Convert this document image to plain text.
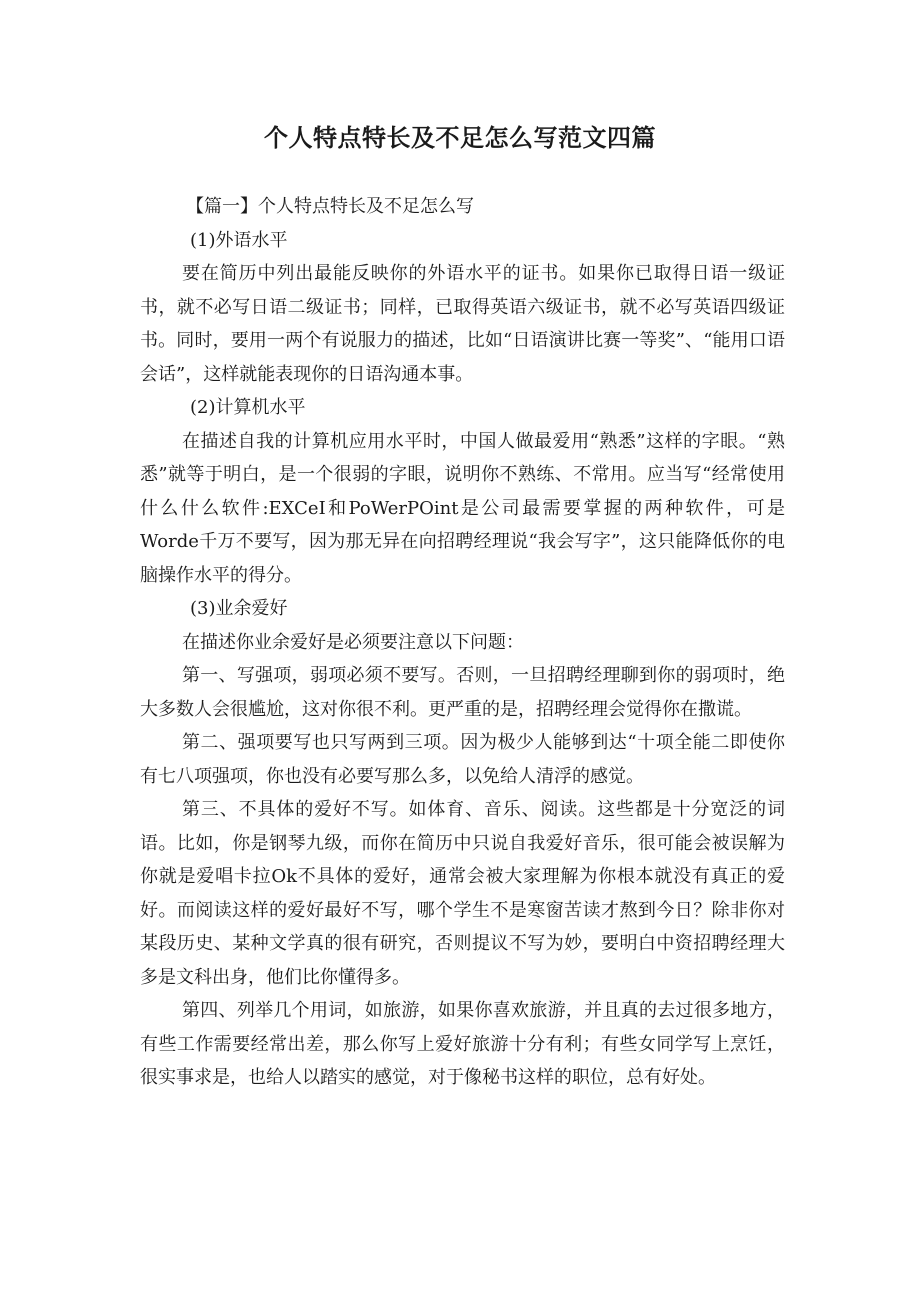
个人特点特长及不足怎么写范文四篇

【篇一】个人特点特长及不足怎么写

(1)外语水平

要在简历中列出最能反映你的外语水平的证书。如果你已取得日语一级证书，就不必写日语二级证书；同样，已取得英语六级证书，就不必写英语四级证书。同时，要用一两个有说服力的描述，比如“日语演讲比赛一等奖”、“能用口语会话”，这样就能表现你的日语沟通本事。

(2)计算机水平

在描述自我的计算机应用水平时，中国人做最爱用“熟悉”这样的字眼。“熟悉”就等于明白，是一个很弱的字眼，说明你不熟练、不常用。应当写“经常使用什么什么软件:EXCeI和PoWerPOint是公司最需要掌握的两种软件，可是Worde千万不要写，因为那无异在向招聘经理说“我会写字”，这只能降低你的电脑操作水平的得分。

(3)业余爱好

在描述你业余爱好是必须要注意以下问题：

第一、写强项，弱项必须不要写。否则，一旦招聘经理聊到你的弱项时，绝大多数人会很尴尬，这对你很不利。更严重的是，招聘经理会觉得你在撒谎。

第二、强项要写也只写两到三项。因为极少人能够到达“十项全能二即使你有七八项强项，你也没有必要写那么多，以免给人清浮的感觉。

第三、不具体的爱好不写。如体育、音乐、阅读。这些都是十分宽泛的词语。比如，你是钢琴九级，而你在简历中只说自我爱好音乐，很可能会被误解为你就是爱唱卡拉Ok不具体的爱好，通常会被大家理解为你根本就没有真正的爱好。而阅读这样的爱好最好不写，哪个学生不是寒窗苦读才熬到今日？除非你对某段历史、某种文学真的很有研究，否则提议不写为妙，要明白中资招聘经理大多是文科出身，他们比你懂得多。

第四、列举几个用词，如旅游，如果你喜欢旅游，并且真的去过很多地方，有些工作需要经常出差，那么你写上爱好旅游十分有利；有些女同学写上烹饪，很实事求是，也给人以踏实的感觉，对于像秘书这样的职位，总有好处。
